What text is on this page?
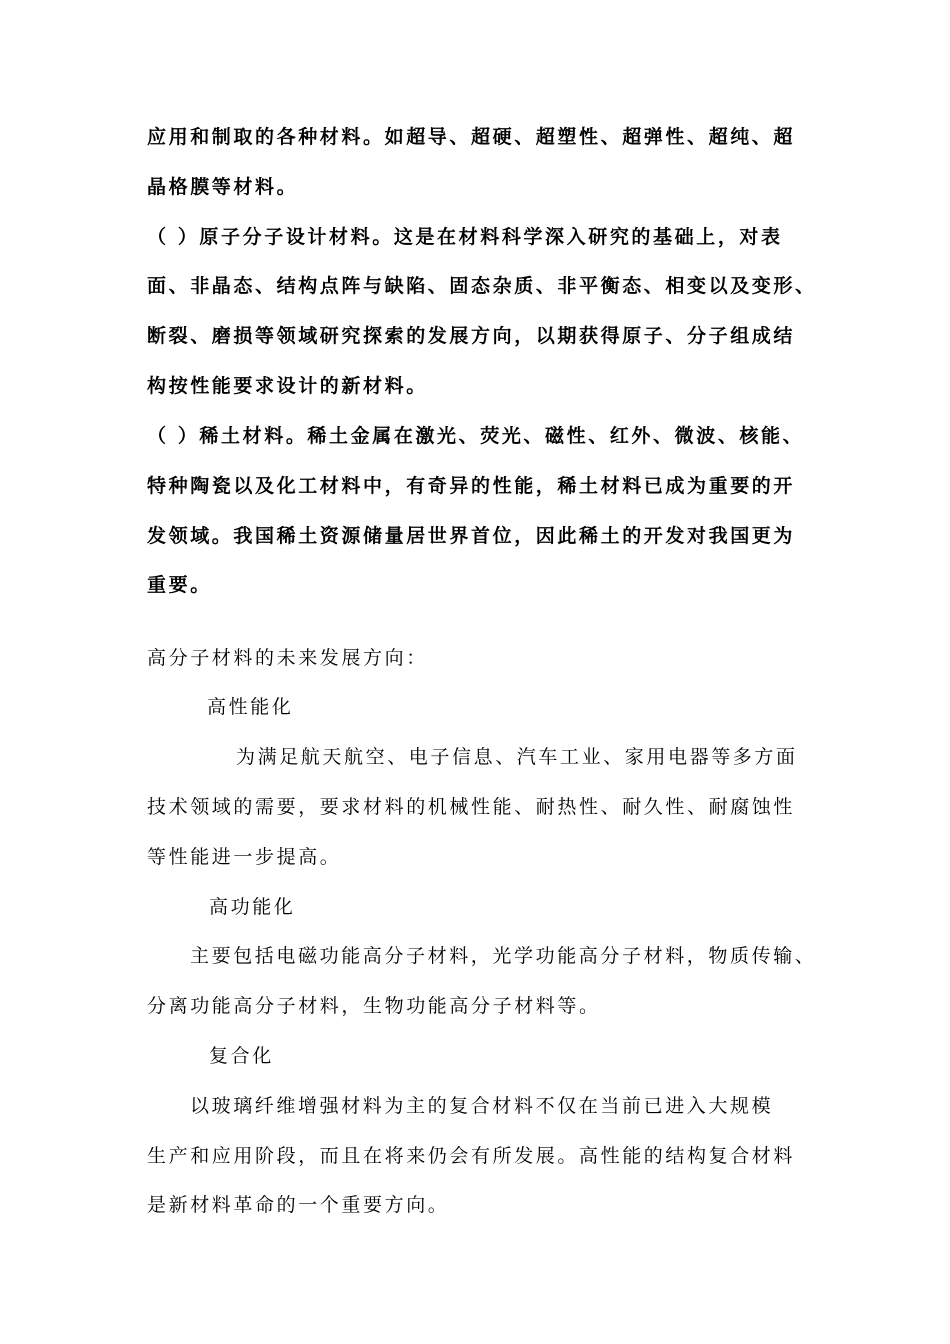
应用和制取的各种材料。如超导、超硬、超塑性、超弹性、超纯、超
晶格膜等材料。
（ ）原子分子设计材料。这是在材料科学深入研究的基础上，对表
面、非晶态、结构点阵与缺陷、固态杂质、非平衡态、相变以及变形、
断裂、磨损等领域研究探索的发展方向，以期获得原子、分子组成结
构按性能要求设计的新材料。
（ ）稀土材料。稀土金属在激光、荧光、磁性、红外、微波、核能、
特种陶瓷以及化工材料中，有奇异的性能，稀土材料已成为重要的开
发领域。我国稀土资源储量居世界首位，因此稀土的开发对我国更为
重要。
高分子材料的未来发展方向：
高性能化
为满足航天航空、电子信息、汽车工业、家用电器等多方面
技术领域的需要，要求材料的机械性能、耐热性、耐久性、耐腐蚀性
等性能进一步提高。
高功能化
主要包括电磁功能高分子材料，光学功能高分子材料，物质传输、
分离功能高分子材料，生物功能高分子材料等。
复合化
以玻璃纤维增强材料为主的复合材料不仅在当前已进入大规模
生产和应用阶段，而且在将来仍会有所发展。高性能的结构复合材料
是新材料革命的一个重要方向。
